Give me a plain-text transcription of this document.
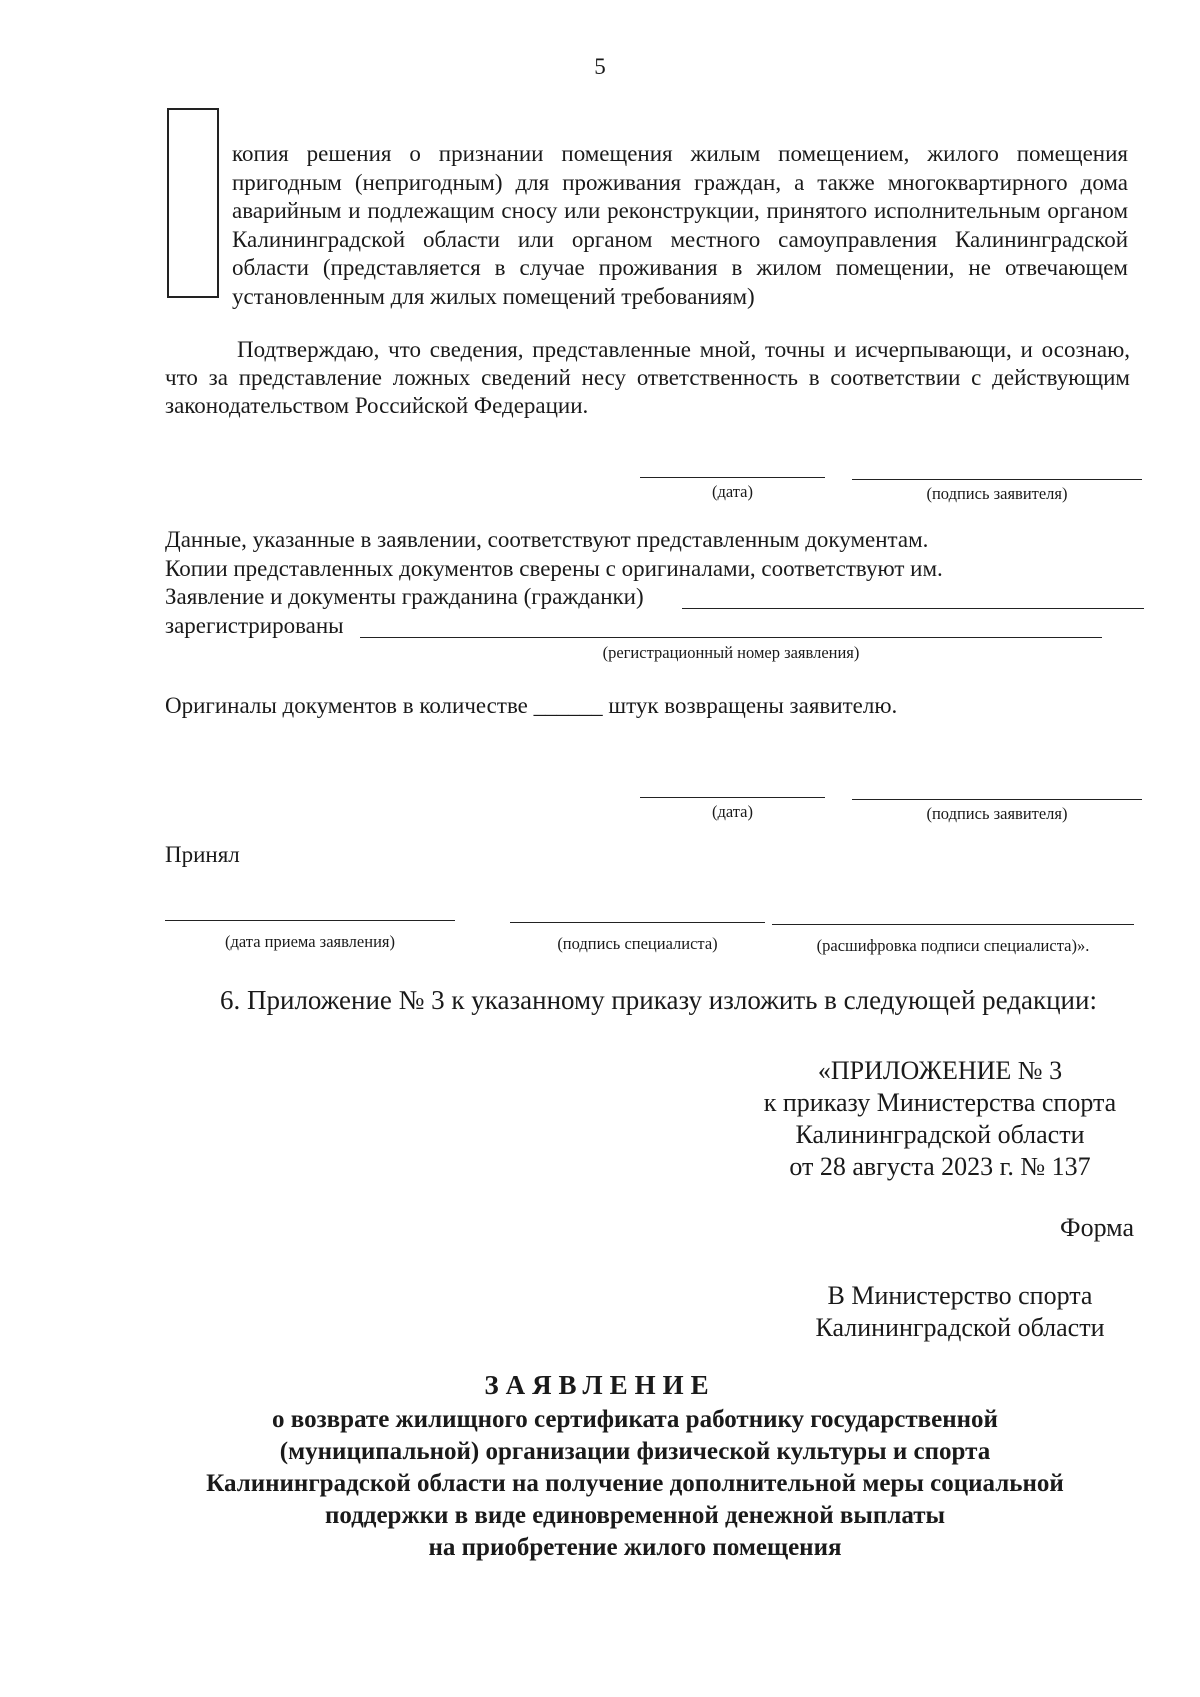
5

копия решения о признании помещения жилым помещением, жилого помещения пригодным (непригодным) для проживания граждан, а также многоквартирного дома аварийным и подлежащим сносу или реконструкции, принятого исполнительным органом Калининградской области или органом местного самоуправления Калининградской области (представляется в случае проживания в жилом помещении, не отвечающем установленным для жилых помещений требованиям)

Подтверждаю, что сведения, представленные мной, точны и исчерпывающи, и осознаю, что за представление ложных сведений несу ответственность в соответствии с действующим законодательством Российской Федерации.

(дата)	(подпись заявителя)

Данные, указанные в заявлении, соответствуют представленным документам.

Копии представленных документов сверены с оригиналами, соответствуют им.

Заявление и документы гражданина (гражданки)

зарегистрированы

(регистрационный номер заявления)

Оригиналы документов в количестве ______ штук возвращены заявителю.

(дата)	(подпись заявителя)

Принял

(дата приема заявления)	(подпись специалиста)	(расшифровка подписи специалиста)».
6. Приложение № 3 к указанному приказу изложить в следующей редакции:
«ПРИЛОЖЕНИЕ № 3
к приказу Министерства спорта
Калининградской области
от 28 августа 2023 г. № 137
Форма
В Министерство спорта
Калининградской области
ЗАЯВЛЕНИЕ
о возврате жилищного сертификата работнику государственной
(муниципальной) организации физической культуры и спорта
Калининградской области на получение дополнительной меры социальной
поддержки в виде единовременной денежной выплаты
на приобретение жилого помещения
